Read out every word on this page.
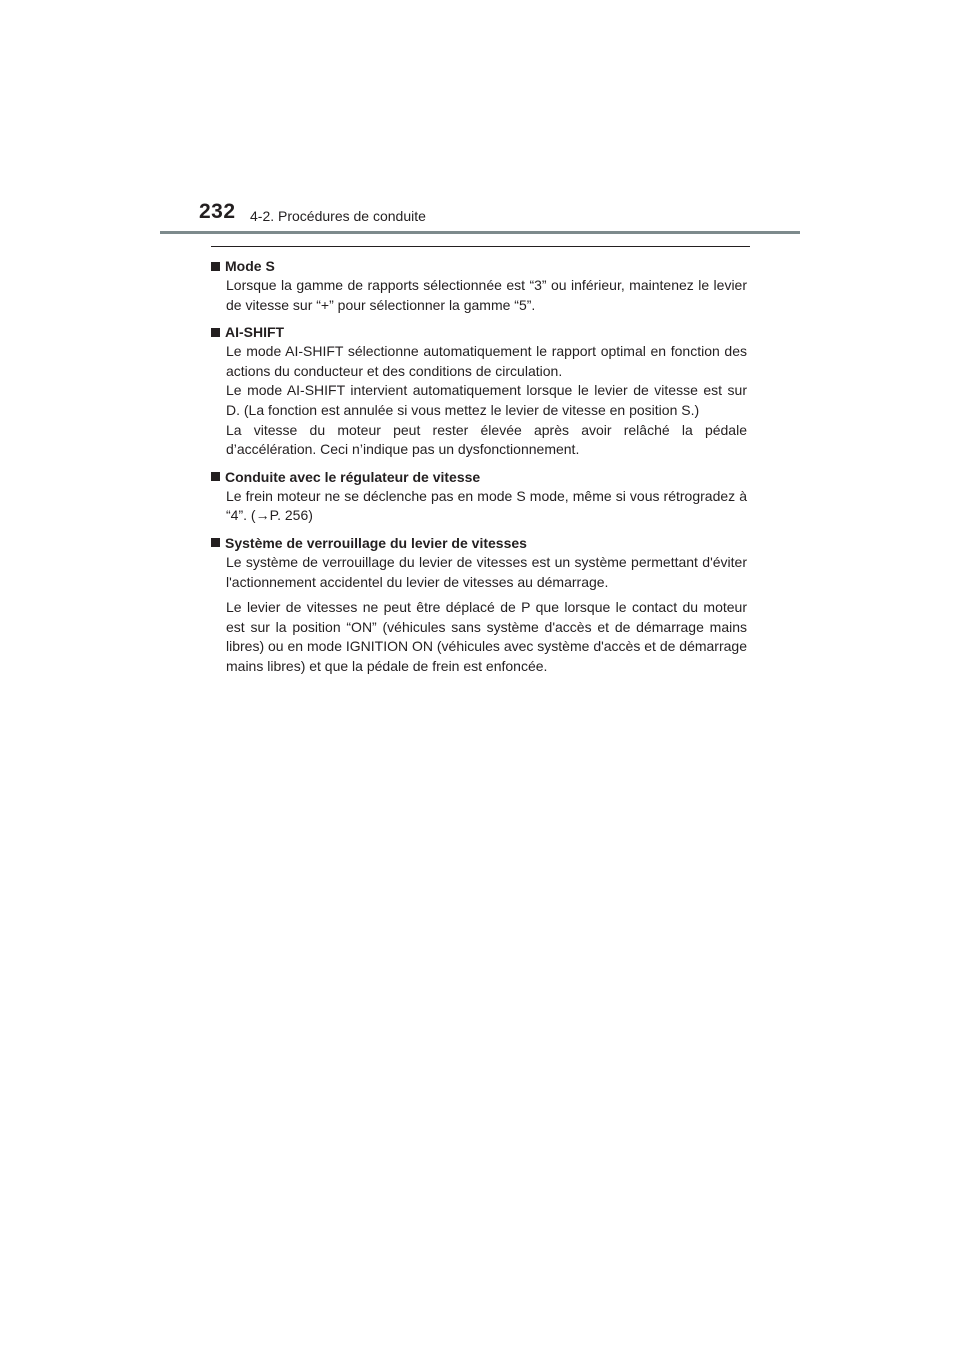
232 4-2. Procédures de conduite
Mode S

Lorsque la gamme de rapports sélectionnée est “3” ou inférieur, maintenez le levier de vitesse sur “+” pour sélectionner la gamme “5”.

AI-SHIFT

Le mode AI-SHIFT sélectionne automatiquement le rapport optimal en fonction des actions du conducteur et des conditions de circulation.

Le mode AI-SHIFT intervient automatiquement lorsque le levier de vitesse est sur D. (La fonction est annulée si vous mettez le levier de vitesse en position S.)

La vitesse du moteur peut rester élevée après avoir relâché la pédale d’accélération. Ceci n’indique pas un dysfonctionnement.

Conduite avec le régulateur de vitesse

Le frein moteur ne se déclenche pas en mode S mode, même si vous rétrogradez à “4”. (→P. 256)

Système de verrouillage du levier de vitesses

Le système de verrouillage du levier de vitesses est un système permettant d'éviter l'actionnement accidentel du levier de vitesses au démarrage.

Le levier de vitesses ne peut être déplacé de P que lorsque le contact du moteur est sur la position “ON” (véhicules sans système d'accès et de démarrage mains libres) ou en mode IGNITION ON (véhicules avec système d'accès et de démarrage mains libres) et que la pédale de frein est enfoncée.
